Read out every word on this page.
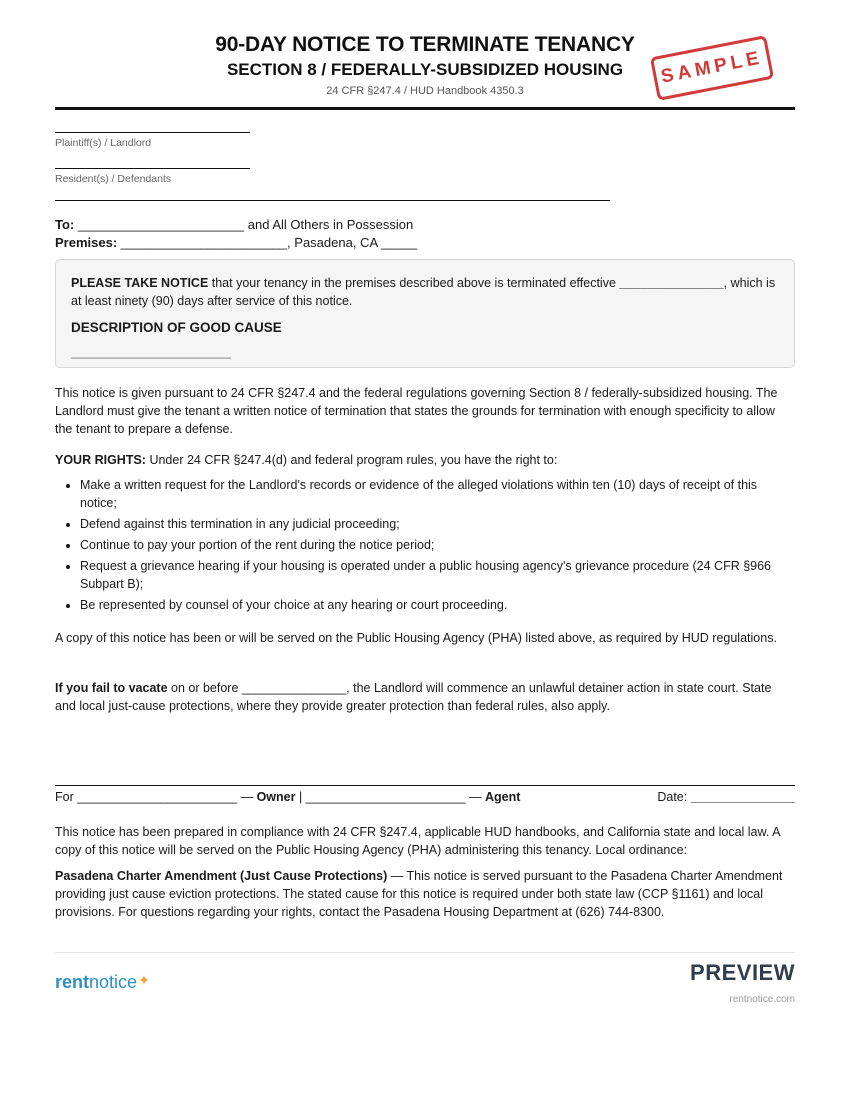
90-DAY NOTICE TO TERMINATE TENANCY
SECTION 8 / FEDERALLY-SUBSIDIZED HOUSING
24 CFR §247.4 / HUD Handbook 4350.3
SAMPLE
Plaintiff(s) / Landlord
Resident(s) / Defendants
To: _______________________ and All Others in Possession
Premises: _______________________, Pasadena, CA _____
PLEASE TAKE NOTICE that your tenancy in the premises described above is terminated effective _______________, which is at least ninety (90) days after service of this notice.
DESCRIPTION OF GOOD CAUSE
_______________________
This notice is given pursuant to 24 CFR §247.4 and the federal regulations governing Section 8 / federally-subsidized housing. The Landlord must give the tenant a written notice of termination that states the grounds for termination with enough specificity to allow the tenant to prepare a defense.
YOUR RIGHTS: Under 24 CFR §247.4(d) and federal program rules, you have the right to:
• Make a written request for the Landlord's records or evidence of the alleged violations within ten (10) days of receipt of this notice;
• Defend against this termination in any judicial proceeding;
• Continue to pay your portion of the rent during the notice period;
• Request a grievance hearing if your housing is operated under a public housing agency's grievance procedure (24 CFR §966 Subpart B);
• Be represented by counsel of your choice at any hearing or court proceeding.
A copy of this notice has been or will be served on the Public Housing Agency (PHA) listed above, as required by HUD regulations.
If you fail to vacate on or before _______________, the Landlord will commence an unlawful detainer action in state court. State and local just-cause protections, where they provide greater protection than federal rules, also apply.
For _______________________ — Owner | _______________________ — Agent	Date: _______________
This notice has been prepared in compliance with 24 CFR §247.4, applicable HUD handbooks, and California state and local law. A copy of this notice will be served on the Public Housing Agency (PHA) administering this tenancy. Local ordinance:
Pasadena Charter Amendment (Just Cause Protections) — This notice is served pursuant to the Pasadena Charter Amendment providing just cause eviction protections. The stated cause for this notice is required under both state law (CCP §1161) and local provisions. For questions regarding your rights, contact the Pasadena Housing Department at (626) 744-8300.
rentnotice✦	PREVIEW
rentnotice.com
